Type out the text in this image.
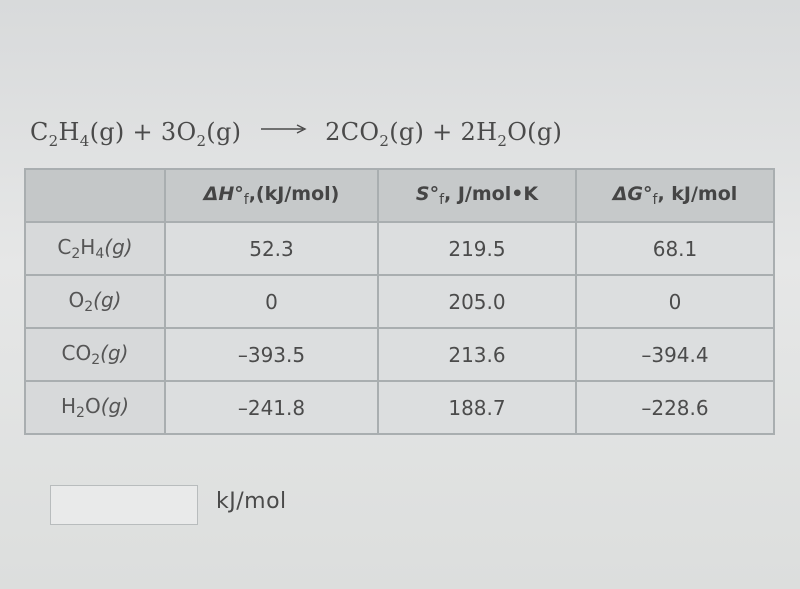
$C_2H_4(g) + 3O_2(g) \to 2CO_2(g) + 2H_2O(g)$
	$\Delta H^\circ_f,(kJ/mol)$	$S^\circ_f$, J/mol•K	$\Delta G^\circ_f$, kJ/mol
$C_2H_4(g)$	52.3	219.5	68.1
$O_2(g)$	0	205.0	0
$CO_2(g)$	–393.5	213.6	–394.4
$H_2O(g)$	–241.8	188.7	–228.6
kJ/mol
